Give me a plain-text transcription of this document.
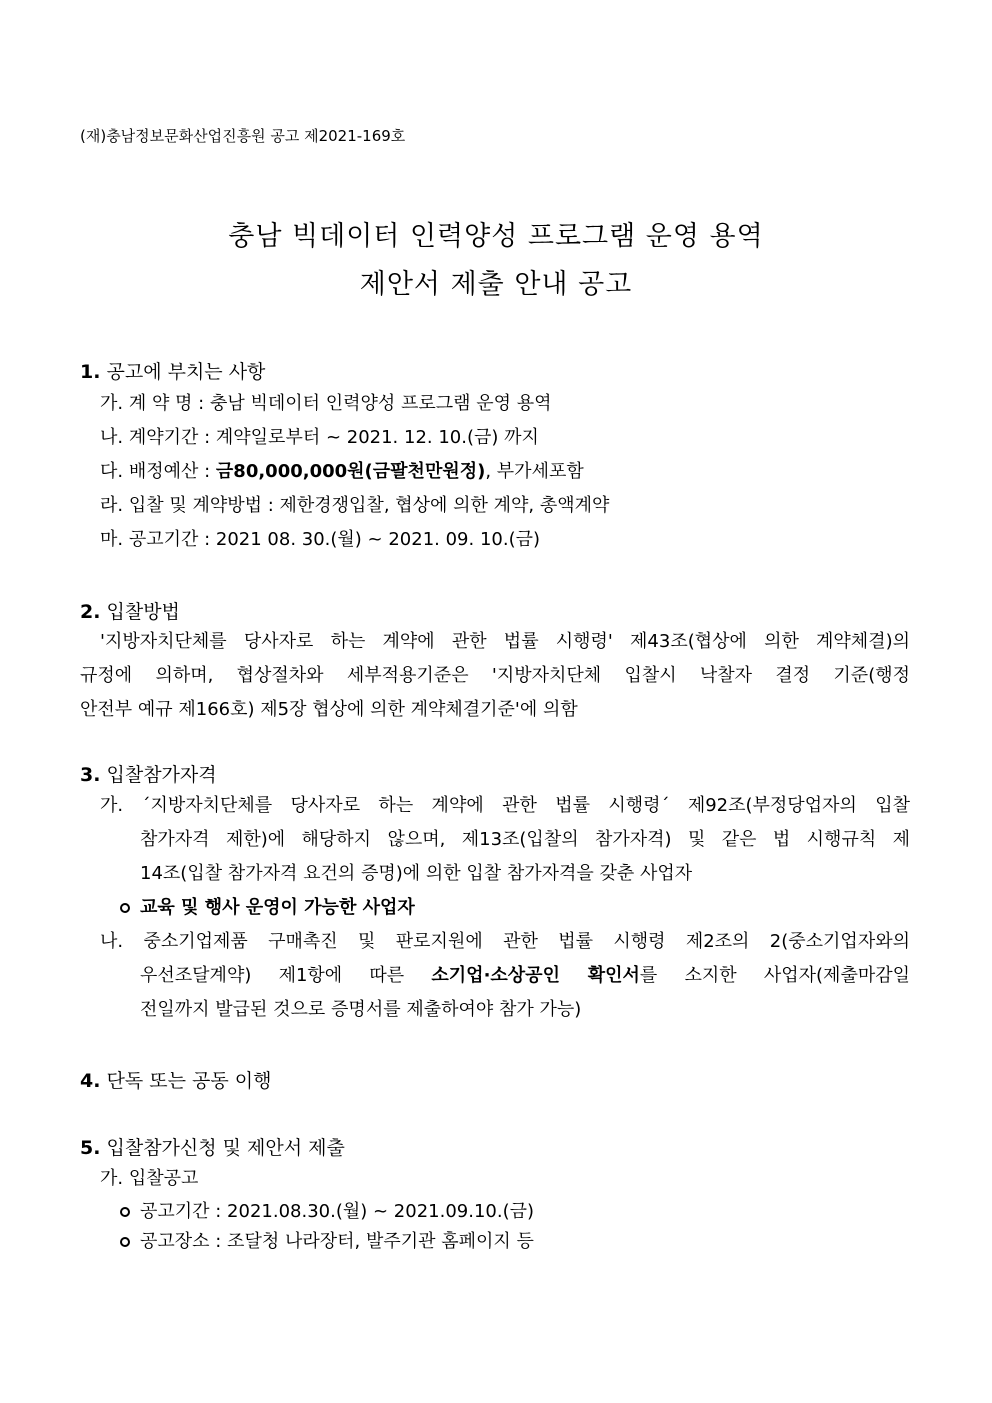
(재)충남정보문화산업진흥원 공고 제2021-169호
충남 빅데이터 인력양성 프로그램 운영 용역
제안서 제출 안내 공고
1. 공고에 부치는 사항
가. 계 약 명 : 충남 빅데이터 인력양성 프로그램 운영 용역
나. 계약기간 : 계약일로부터 ~ 2021. 12. 10.(금) 까지
다. 배정예산 : 금80,000,000원(금팔천만원정), 부가세포함
라. 입찰 및 계약방법 : 제한경쟁입찰, 협상에 의한 계약, 총액계약
마. 공고기간 : 2021 08. 30.(월) ~ 2021. 09. 10.(금)
2. 입찰방법
'지방자치단체를 당사자로 하는 계약에 관한 법률 시행령' 제43조(협상에 의한 계약체결)의
규정에 의하며, 협상절차와 세부적용기준은 '지방자치단체 입찰시 낙찰자 결정 기준(행정
안전부 예규 제166호) 제5장 협상에 의한 계약체결기준'에 의함
3. 입찰참가자격
가. ´지방자치단체를 당사자로 하는 계약에 관한 법률 시행령´ 제92조(부정당업자의 입찰
참가자격 제한)에 해당하지 않으며, 제13조(입찰의 참가자격) 및 같은 법 시행규칙 제
14조(입찰 참가자격 요건의 증명)에 의한 입찰 참가자격을 갖춘 사업자
교육 및 행사 운영이 가능한 사업자
나. 중소기업제품 구매촉진 및 판로지원에 관한 법률 시행령 제2조의 2(중소기업자와의
우선조달계약) 제1항에 따른 소기업·소상공인 확인서를 소지한 사업자(제출마감일
전일까지 발급된 것으로 증명서를 제출하여야 참가 가능)
4. 단독 또는 공동 이행
5. 입찰참가신청 및 제안서 제출
가. 입찰공고
공고기간 : 2021.08.30.(월) ~ 2021.09.10.(금)
공고장소 : 조달청 나라장터, 발주기관 홈페이지 등
